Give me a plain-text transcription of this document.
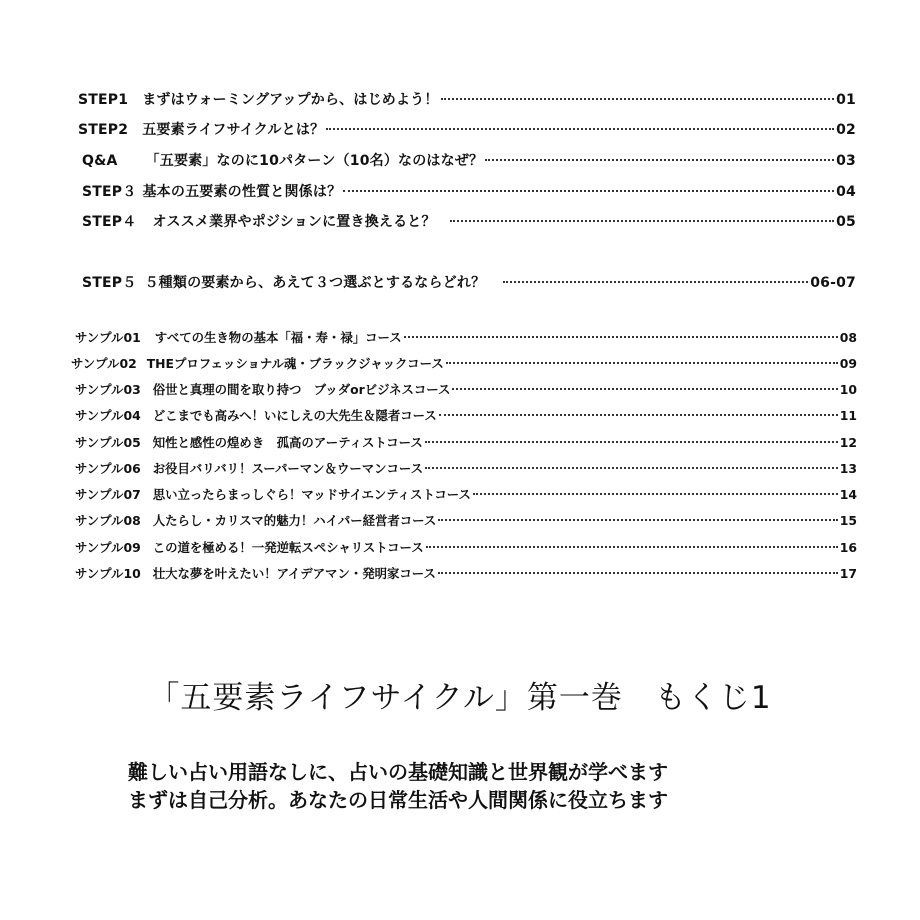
STEP1 まずはウォーミングアップから、はじめよう！	01
STEP2 五要素ライフサイクルとは？	02
Q&A 「五要素」なのに10パターン（10名）なのはなぜ？	03
STEP３ 基本の五要素の性質と関係は？	04
STEP４ オススメ業界やポジションに置き換えると？	05
STEP５ ５種類の要素から、あえて３つ選ぶとするならどれ？	06-07
サンプル01 すべての生き物の基本「福・寿・禄」コース	08
サンプル02 THEプロフェッショナル魂・ブラックジャックコース	09
サンプル03 俗世と真理の間を取り持つ　ブッダorビジネスコース	10
サンプル04 どこまでも高みへ！いにしえの大先生＆隠者コース	11
サンプル05 知性と感性の煌めき　孤高のアーティストコース	12
サンプル06 お役目バリバリ！スーパーマン＆ウーマンコース	13
サンプル07 思い立ったらまっしぐら！マッドサイエンティストコース	14
サンプル08 人たらし・カリスマ的魅力！ハイパー経営者コース	15
サンプル09 この道を極める！一発逆転スペシャリストコース	16
サンプル10 壮大な夢を叶えたい！アイデアマン・発明家コース	17
「五要素ライフサイクル」第一巻　もくじ1
難しい占い用語なしに、占いの基礎知識と世界観が学べます
まずは自己分析。あなたの日常生活や人間関係に役立ちます
